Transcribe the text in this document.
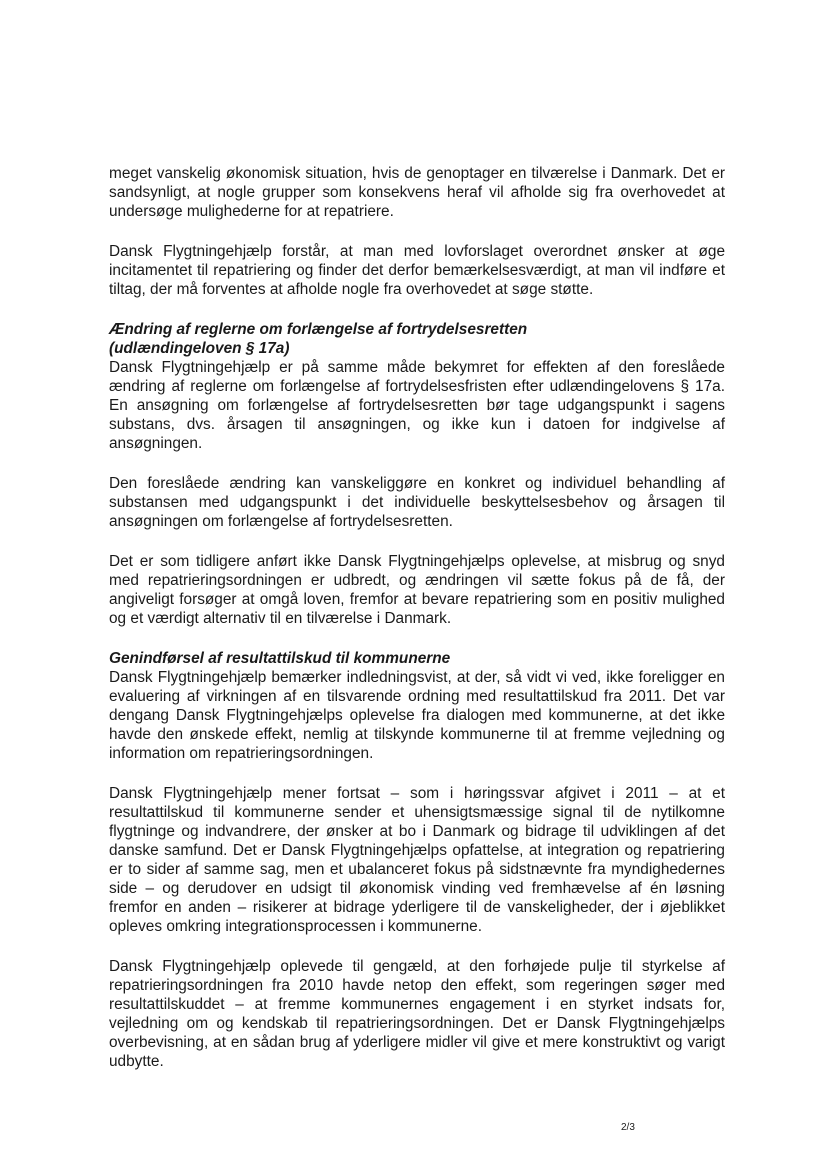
meget vanskelig økonomisk situation, hvis de genoptager en tilværelse i Danmark. Det er sandsynligt, at nogle grupper som konsekvens heraf vil afholde sig fra overhovedet at undersøge mulighederne for at repatriere.

Dansk Flygtningehjælp forstår, at man med lovforslaget overordnet ønsker at øge incitamentet til repatriering og finder det derfor bemærkelsesværdigt, at man vil indføre et tiltag, der må forventes at afholde nogle fra overhovedet at søge støtte.

Ændring af reglerne om forlængelse af fortrydelsesretten
(udlændingeloven § 17a)

Dansk Flygtningehjælp er på samme måde bekymret for effekten af den foreslåede ændring af reglerne om forlængelse af fortrydelsesfristen efter udlændingelovens § 17a. En ansøgning om forlængelse af fortrydelsesretten bør tage udgangspunkt i sagens substans, dvs. årsagen til ansøgningen, og ikke kun i datoen for indgivelse af ansøgningen.

Den foreslåede ændring kan vanskeliggøre en konkret og individuel behandling af substansen med udgangspunkt i det individuelle beskyttelsesbehov og årsagen til ansøgningen om forlængelse af fortrydelsesretten.

Det er som tidligere anført ikke Dansk Flygtningehjælps oplevelse, at misbrug og snyd med repatrieringsordningen er udbredt, og ændringen vil sætte fokus på de få, der angiveligt forsøger at omgå loven, fremfor at bevare repatriering som en positiv mulighed og et værdigt alternativ til en tilværelse i Danmark.

Genindførsel af resultattilskud til kommunerne

Dansk Flygtningehjælp bemærker indledningsvist, at der, så vidt vi ved, ikke foreligger en evaluering af virkningen af en tilsvarende ordning med resultattilskud fra 2011. Det var dengang Dansk Flygtningehjælps oplevelse fra dialogen med kommunerne, at det ikke havde den ønskede effekt, nemlig at tilskynde kommunerne til at fremme vejledning og information om repatrieringsordningen.

Dansk Flygtningehjælp mener fortsat – som i høringssvar afgivet i 2011 – at et resultattilskud til kommunerne sender et uhensigtsmæssige signal til de nytilkomne flygtninge og indvandrere, der ønsker at bo i Danmark og bidrage til udviklingen af det danske samfund. Det er Dansk Flygtningehjælps opfattelse, at integration og repatriering er to sider af samme sag, men et ubalanceret fokus på sidstnævnte fra myndighedernes side – og derudover en udsigt til økonomisk vinding ved fremhævelse af én løsning fremfor en anden – risikerer at bidrage yderligere til de vanskeligheder, der i øjeblikket opleves omkring integrationsprocessen i kommunerne.

Dansk Flygtningehjælp oplevede til gengæld, at den forhøjede pulje til styrkelse af repatrieringsordningen fra 2010 havde netop den effekt, som regeringen søger med resultattilskuddet – at fremme kommunernes engagement i en styrket indsats for, vejledning om og kendskab til repatrieringsordningen. Det er Dansk Flygtningehjælps overbevisning, at en sådan brug af yderligere midler vil give et mere konstruktivt og varigt udbytte.

2/3
